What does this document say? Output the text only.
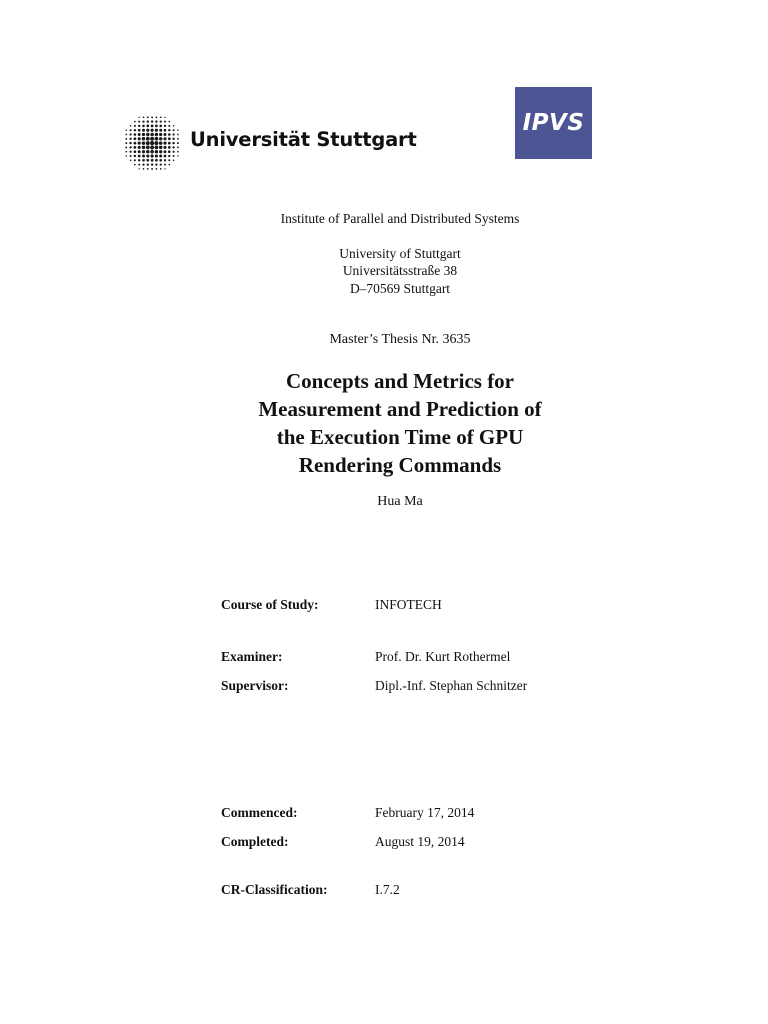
Universität Stuttgart
IPVS
Institute of Parallel and Distributed Systems
University of Stuttgart
Universitätsstraße 38
D–70569 Stuttgart
Master’s Thesis Nr. 3635
Concepts and Metrics for
Measurement and Prediction of
the Execution Time of GPU
Rendering Commands
Hua Ma
Course of Study:	INFOTECH
Examiner:	Prof. Dr. Kurt Rothermel
Supervisor:	Dipl.-Inf. Stephan Schnitzer
Commenced:	February 17, 2014
Completed:	August 19, 2014
CR-Classification:	I.7.2
